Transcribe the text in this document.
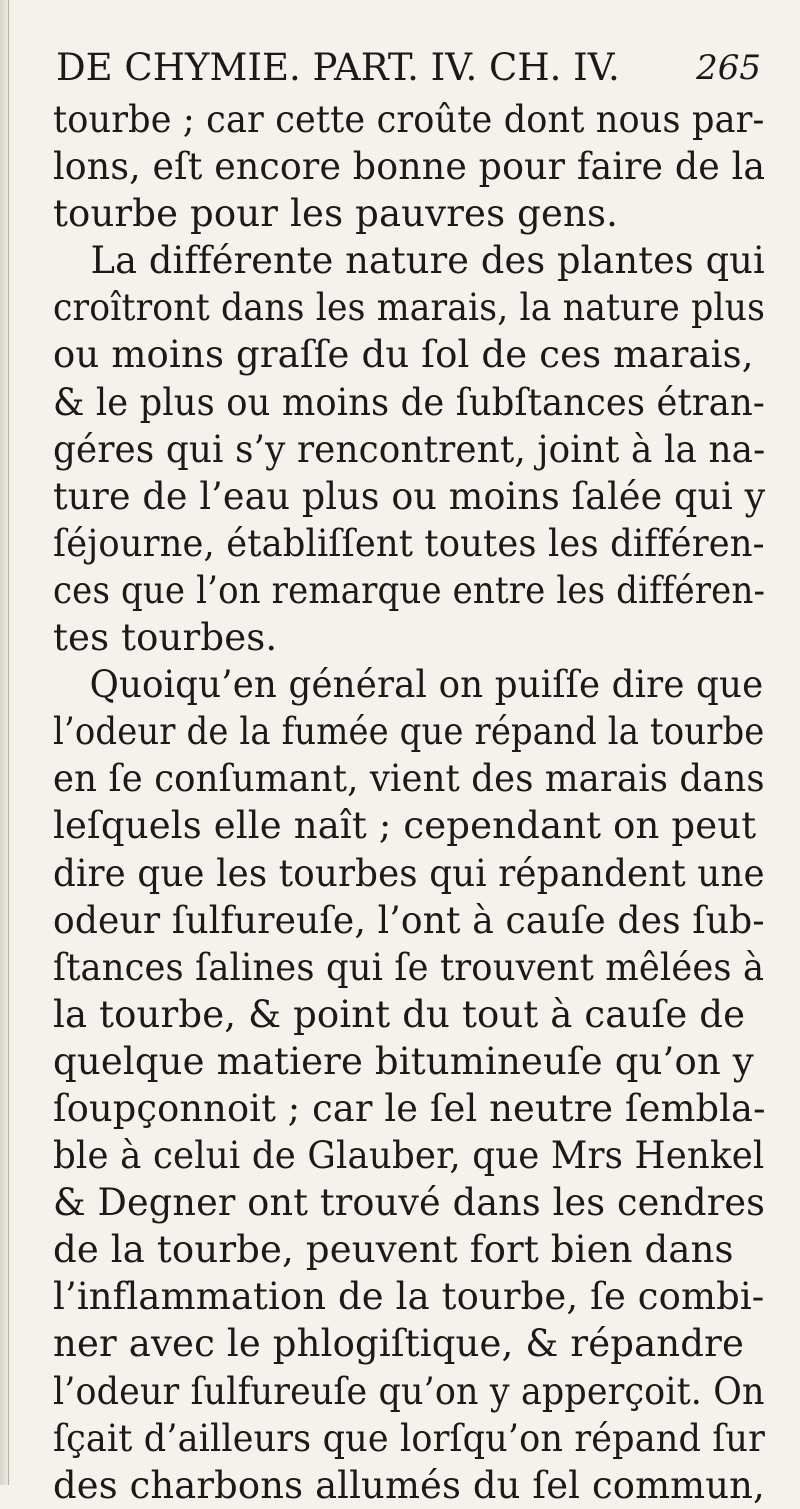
DE CHYMIE. PART. IV. CH. IV. 265
tourbe ; car cette croûte dont nous par-
lons, eſt encore bonne pour faire de la
tourbe pour les pauvres gens.
La différente nature des plantes qui
croîtront dans les marais, la nature plus
ou moins graſſe du ſol de ces marais,
& le plus ou moins de ſubſtances étran-
géres qui s’y rencontrent, joint à la na-
ture de l’eau plus ou moins ſalée qui y
ſéjourne, établiſſent toutes les différen-
ces que l’on remarque entre les différen-
tes tourbes.
Quoiqu’en général on puiſſe dire que
l’odeur de la fumée que répand la tourbe
en ſe conſumant, vient des marais dans
leſquels elle naît ; cependant on peut
dire que les tourbes qui répandent une
odeur ſulfureuſe, l’ont à cauſe des ſub-
ſtances ſalines qui ſe trouvent mêlées à
la tourbe, & point du tout à cauſe de
quelque matiere bitumineuſe qu’on y
ſoupçonnoit ; car le ſel neutre ſembla-
ble à celui de Glauber, que Mrs Henkel
& Degner ont trouvé dans les cendres
de la tourbe, peuvent fort bien dans
l’inflammation de la tourbe, ſe combi-
ner avec le phlogiſtique, & répandre
l’odeur ſulfureuſe qu’on y apperçoit. On
ſçait d’ailleurs que lorſqu’on répand ſur
des charbons allumés du ſel commun,
